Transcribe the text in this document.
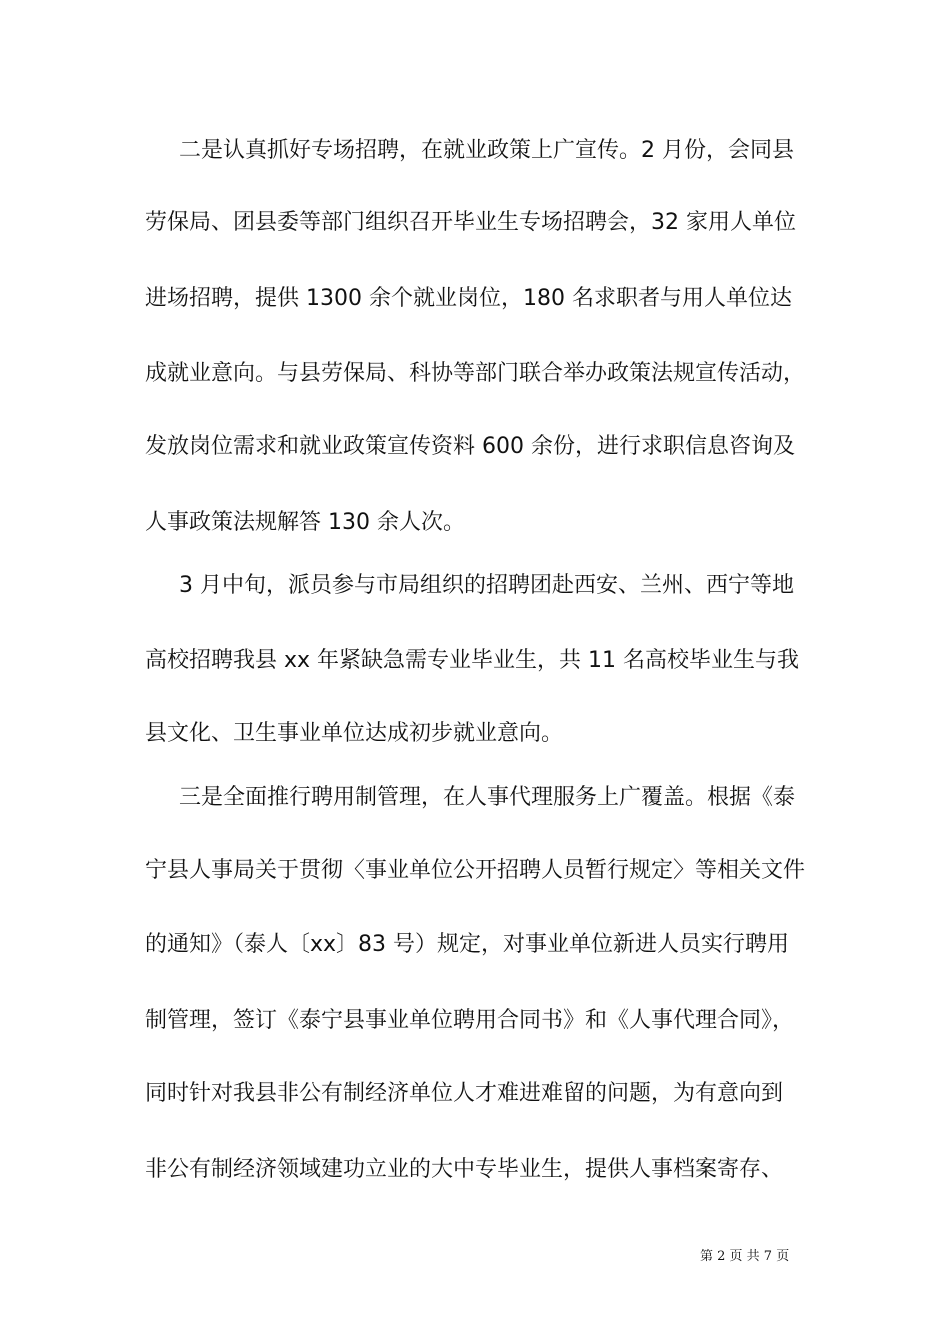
二是认真抓好专场招聘，在就业政策上广宣传。2 月份，会同县
劳保局、团县委等部门组织召开毕业生专场招聘会，32 家用人单位
进场招聘，提供 1300 余个就业岗位，180 名求职者与用人单位达
成就业意向。与县劳保局、科协等部门联合举办政策法规宣传活动，
发放岗位需求和就业政策宣传资料 600 余份，进行求职信息咨询及
人事政策法规解答 130 余人次。
3 月中旬，派员参与市局组织的招聘团赴西安、兰州、西宁等地
高校招聘我县 xx 年紧缺急需专业毕业生，共 11 名高校毕业生与我
县文化、卫生事业单位达成初步就业意向。
三是全面推行聘用制管理，在人事代理服务上广覆盖。根据《泰
宁县人事局关于贯彻〈事业单位公开招聘人员暂行规定〉等相关文件
的通知》（泰人〔xx〕83 号）规定，对事业单位新进人员实行聘用
制管理，签订《泰宁县事业单位聘用合同书》和《人事代理合同》，
同时针对我县非公有制经济单位人才难进难留的问题，为有意向到
非公有制经济领域建功立业的大中专毕业生，提供人事档案寄存、
第 2 页 共 7 页
